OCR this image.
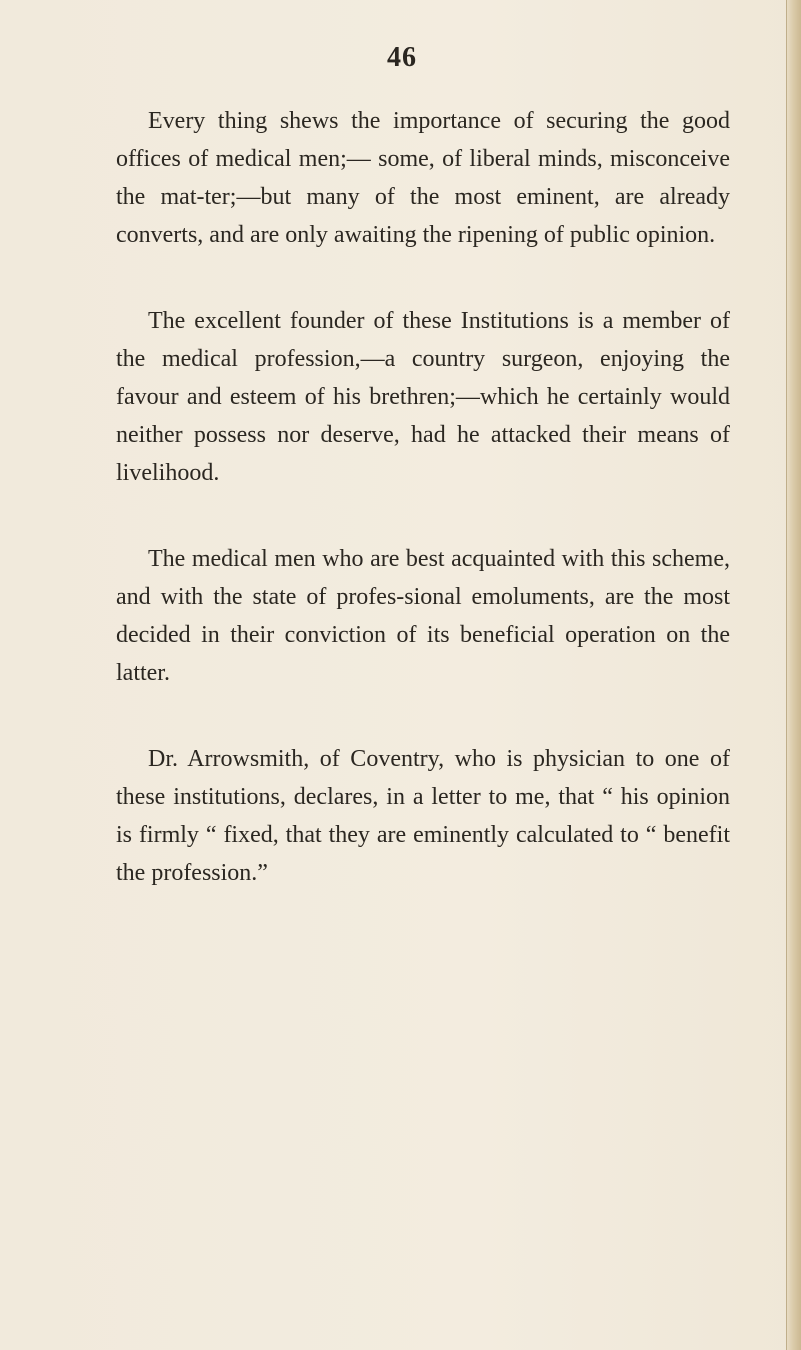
46

Every thing shews the importance of securing the good offices of medical men;— some, of liberal minds, misconceive the mat-ter;—but many of the most eminent, are already converts, and are only awaiting the ripening of public opinion.

The excellent founder of these Institutions is a member of the medical profession,—a country surgeon, enjoying the favour and esteem of his brethren;—which he certainly would neither possess nor deserve, had he attacked their means of livelihood.

The medical men who are best acquainted with this scheme, and with the state of profes-sional emoluments, are the most decided in their conviction of its beneficial operation on the latter.

Dr. Arrowsmith, of Coventry, who is physician to one of these institutions, declares, in a letter to me, that “ his opinion is firmly “ fixed, that they are eminently calculated to “ benefit the profession.”
